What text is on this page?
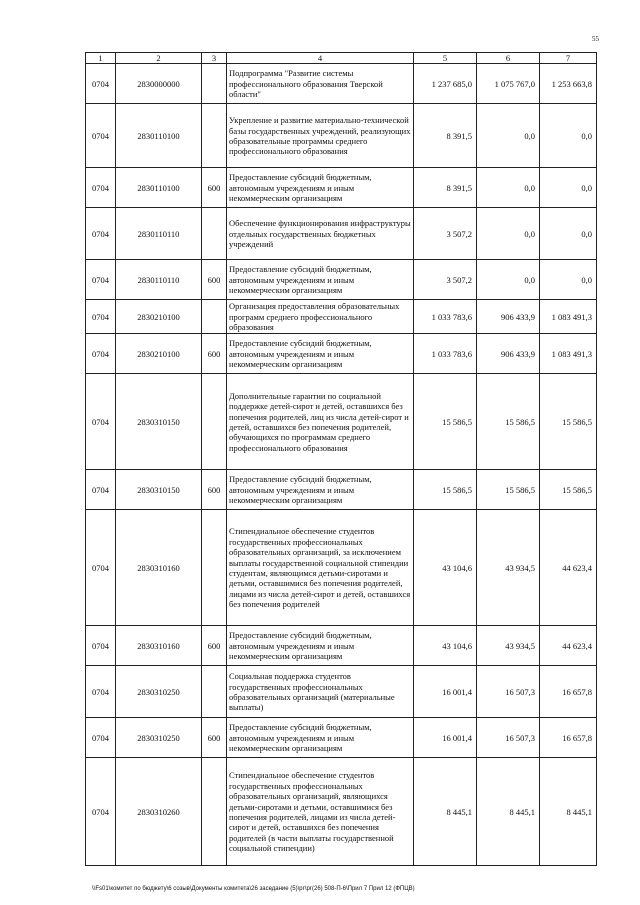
55
1	2	3	4	5	6	7
0704	2830000000		Подпрограмма "Развитие системы профессионального образования Тверской области"	1 237 685,0	1 075 767,0	1 253 663,8
0704	2830110100		Укрепление и развитие материально-технической базы государственных учреждений, реализующих образовательные программы среднего профессионального образования	8 391,5	0,0	0,0
0704	2830110100	600	Предоставление субсидий бюджетным, автономным учреждениям и иным некоммерческим организациям	8 391,5	0,0	0,0
0704	2830110110		Обеспечение функционирования инфраструктуры отдельных государственных бюджетных учреждений	3 507,2	0,0	0,0
0704	2830110110	600	Предоставление субсидий бюджетным, автономным учреждениям и иным некоммерческим организациям	3 507,2	0,0	0,0
0704	2830210100		Организация предоставления образовательных программ среднего профессионального образования	1 033 783,6	906 433,9	1 083 491,3
0704	2830210100	600	Предоставление субсидий бюджетным, автономным учреждениям и иным некоммерческим организациям	1 033 783,6	906 433,9	1 083 491,3
0704	2830310150		Дополнительные гарантии по социальной поддержке детей-сирот и детей, оставшихся без попечения родителей, лиц из числа детей-сирот и детей, оставшихся без попечения родителей, обучающихся по программам среднего профессионального образования	15 586,5	15 586,5	15 586,5
0704	2830310150	600	Предоставление субсидий бюджетным, автономным учреждениям и иным некоммерческим организациям	15 586,5	15 586,5	15 586,5
0704	2830310160		Стипендиальное обеспечение студентов государственных профессиональных образовательных организаций, за исключением выплаты государственной социальной стипендии студентам, являющимся детьми-сиротами и детьми, оставшимися без попечения родителей, лицами из числа детей-сирот и детей, оставшихся без попечения родителей	43 104,6	43 934,5	44 623,4
0704	2830310160	600	Предоставление субсидий бюджетным, автономным учреждениям и иным некоммерческим организациям	43 104,6	43 934,5	44 623,4
0704	2830310250		Социальная поддержка студентов государственных профессиональных образовательных организаций (материальные выплаты)	16 001,4	16 507,3	16 657,8
0704	2830310250	600	Предоставление субсидий бюджетным, автономным учреждениям и иным некоммерческим организациям	16 001,4	16 507,3	16 657,8
0704	2830310260		Стипендиальное обеспечение студентов государственных профессиональных образовательных организаций, являющихся детьми-сиротами и детьми, оставшимися без попечения родителей, лицами из числа детей-сирот и детей, оставшихся без попечения родителей (в части выплаты государственной социальной стипендии)	8 445,1	8 445,1	8 445,1
\\Fs01\комитет по бюджету\6 созыв\Документы комитета\26 заседание (5)\рг\рг(26) 508-П-6\Прил 7 Прил 12 (ФПЦВ)
